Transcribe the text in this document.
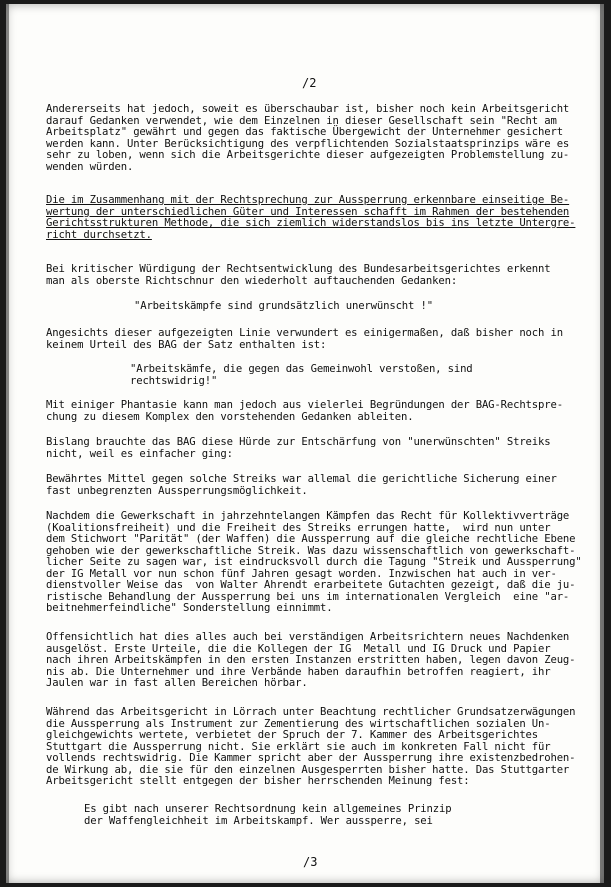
/2
Andererseits hat jedoch, soweit es überschaubar ist, bisher noch kein Arbeitsgericht
darauf Gedanken verwendet, wie dem Einzelnen in dieser Gesellschaft sein "Recht am
Arbeitsplatz" gewährt und gegen das faktische Übergewicht der Unternehmer gesichert
werden kann. Unter Berücksichtigung des verpflichtenden Sozialstaatsprinzips wäre es
sehr zu loben, wenn sich die Arbeitsgerichte dieser aufgezeigten Problemstellung zu-
wenden würden.
Die im Zusammenhang mit der Rechtsprechung zur Aussperrung erkennbare einseitige Be-
wertung der unterschiedlichen Güter und Interessen schafft im Rahmen der bestehenden
Gerichtsstrukturen Methode, die sich ziemlich widerstandslos bis ins letzte Untergre-
richt durchsetzt.
Bei kritischer Würdigung der Rechtsentwicklung des Bundesarbeitsgerichtes erkennt
man als oberste Richtschnur den wiederholt auftauchenden Gedanken:
"Arbeitskämpfe sind grundsätzlich unerwünscht !"
Angesichts dieser aufgezeigten Linie verwundert es einigermaßen, daß bisher noch in
keinem Urteil des BAG der Satz enthalten ist:
"Arbeitskämfe, die gegen das Gemeinwohl verstoßen, sind
rechtswidrig!"
Mit einiger Phantasie kann man jedoch aus vielerlei Begründungen der BAG-Rechtspre-
chung zu diesem Komplex den vorstehenden Gedanken ableiten.
Bislang brauchte das BAG diese Hürde zur Entschärfung von "unerwünschten" Streiks
nicht, weil es einfacher ging:
Bewährtes Mittel gegen solche Streiks war allemal die gerichtliche Sicherung einer
fast unbegrenzten Aussperrungsmöglichkeit.
Nachdem die Gewerkschaft in jahrzehntelangen Kämpfen das Recht für Kollektivverträge
(Koalitionsfreiheit) und die Freiheit des Streiks errungen hatte,  wird nun unter
dem Stichwort "Parität" (der Waffen) die Aussperrung auf die gleiche rechtliche Ebene
gehoben wie der gewerkschaftliche Streik. Was dazu wissenschaftlich von gewerkschaft-
licher Seite zu sagen war, ist eindrucksvoll durch die Tagung "Streik und Aussperrung"
der IG Metall vor nun schon fünf Jahren gesagt worden. Inzwischen hat auch in ver-
dienstvoller Weise das  von Walter Ahrendt erarbeitete Gutachten gezeigt, daß die ju-
ristische Behandlung der Aussperrung bei uns im internationalen Vergleich  eine "ar-
beitnehmerfeindliche" Sonderstellung einnimmt.
Offensichtlich hat dies alles auch bei verständigen Arbeitsrichtern neues Nachdenken
ausgelöst. Erste Urteile, die die Kollegen der IG  Metall und IG Druck und Papier
nach ihren Arbeitskämpfen in den ersten Instanzen erstritten haben, legen davon Zeug-
nis ab. Die Unternehmer und ihre Verbände haben daraufhin betroffen reagiert, ihr
Jaulen war in fast allen Bereichen hörbar.
Während das Arbeitsgericht in Lörrach unter Beachtung rechtlicher Grundsatzerwägungen
die Aussperrung als Instrument zur Zementierung des wirtschaftlichen sozialen Un-
gleichgewichts wertete, verbietet der Spruch der 7. Kammer des Arbeitsgerichtes
Stuttgart die Aussperrung nicht. Sie erklärt sie auch im konkreten Fall nicht für
vollends rechtswidrig. Die Kammer spricht aber der Aussperrung ihre existenzbedrohen-
de Wirkung ab, die sie für den einzelnen Ausgesperrten bisher hatte. Das Stuttgarter
Arbeitsgericht stellt entgegen der bisher herrschenden Meinung fest:
Es gibt nach unserer Rechtsordnung kein allgemeines Prinzip
der Waffengleichheit im Arbeitskampf. Wer aussperre, sei
/3
